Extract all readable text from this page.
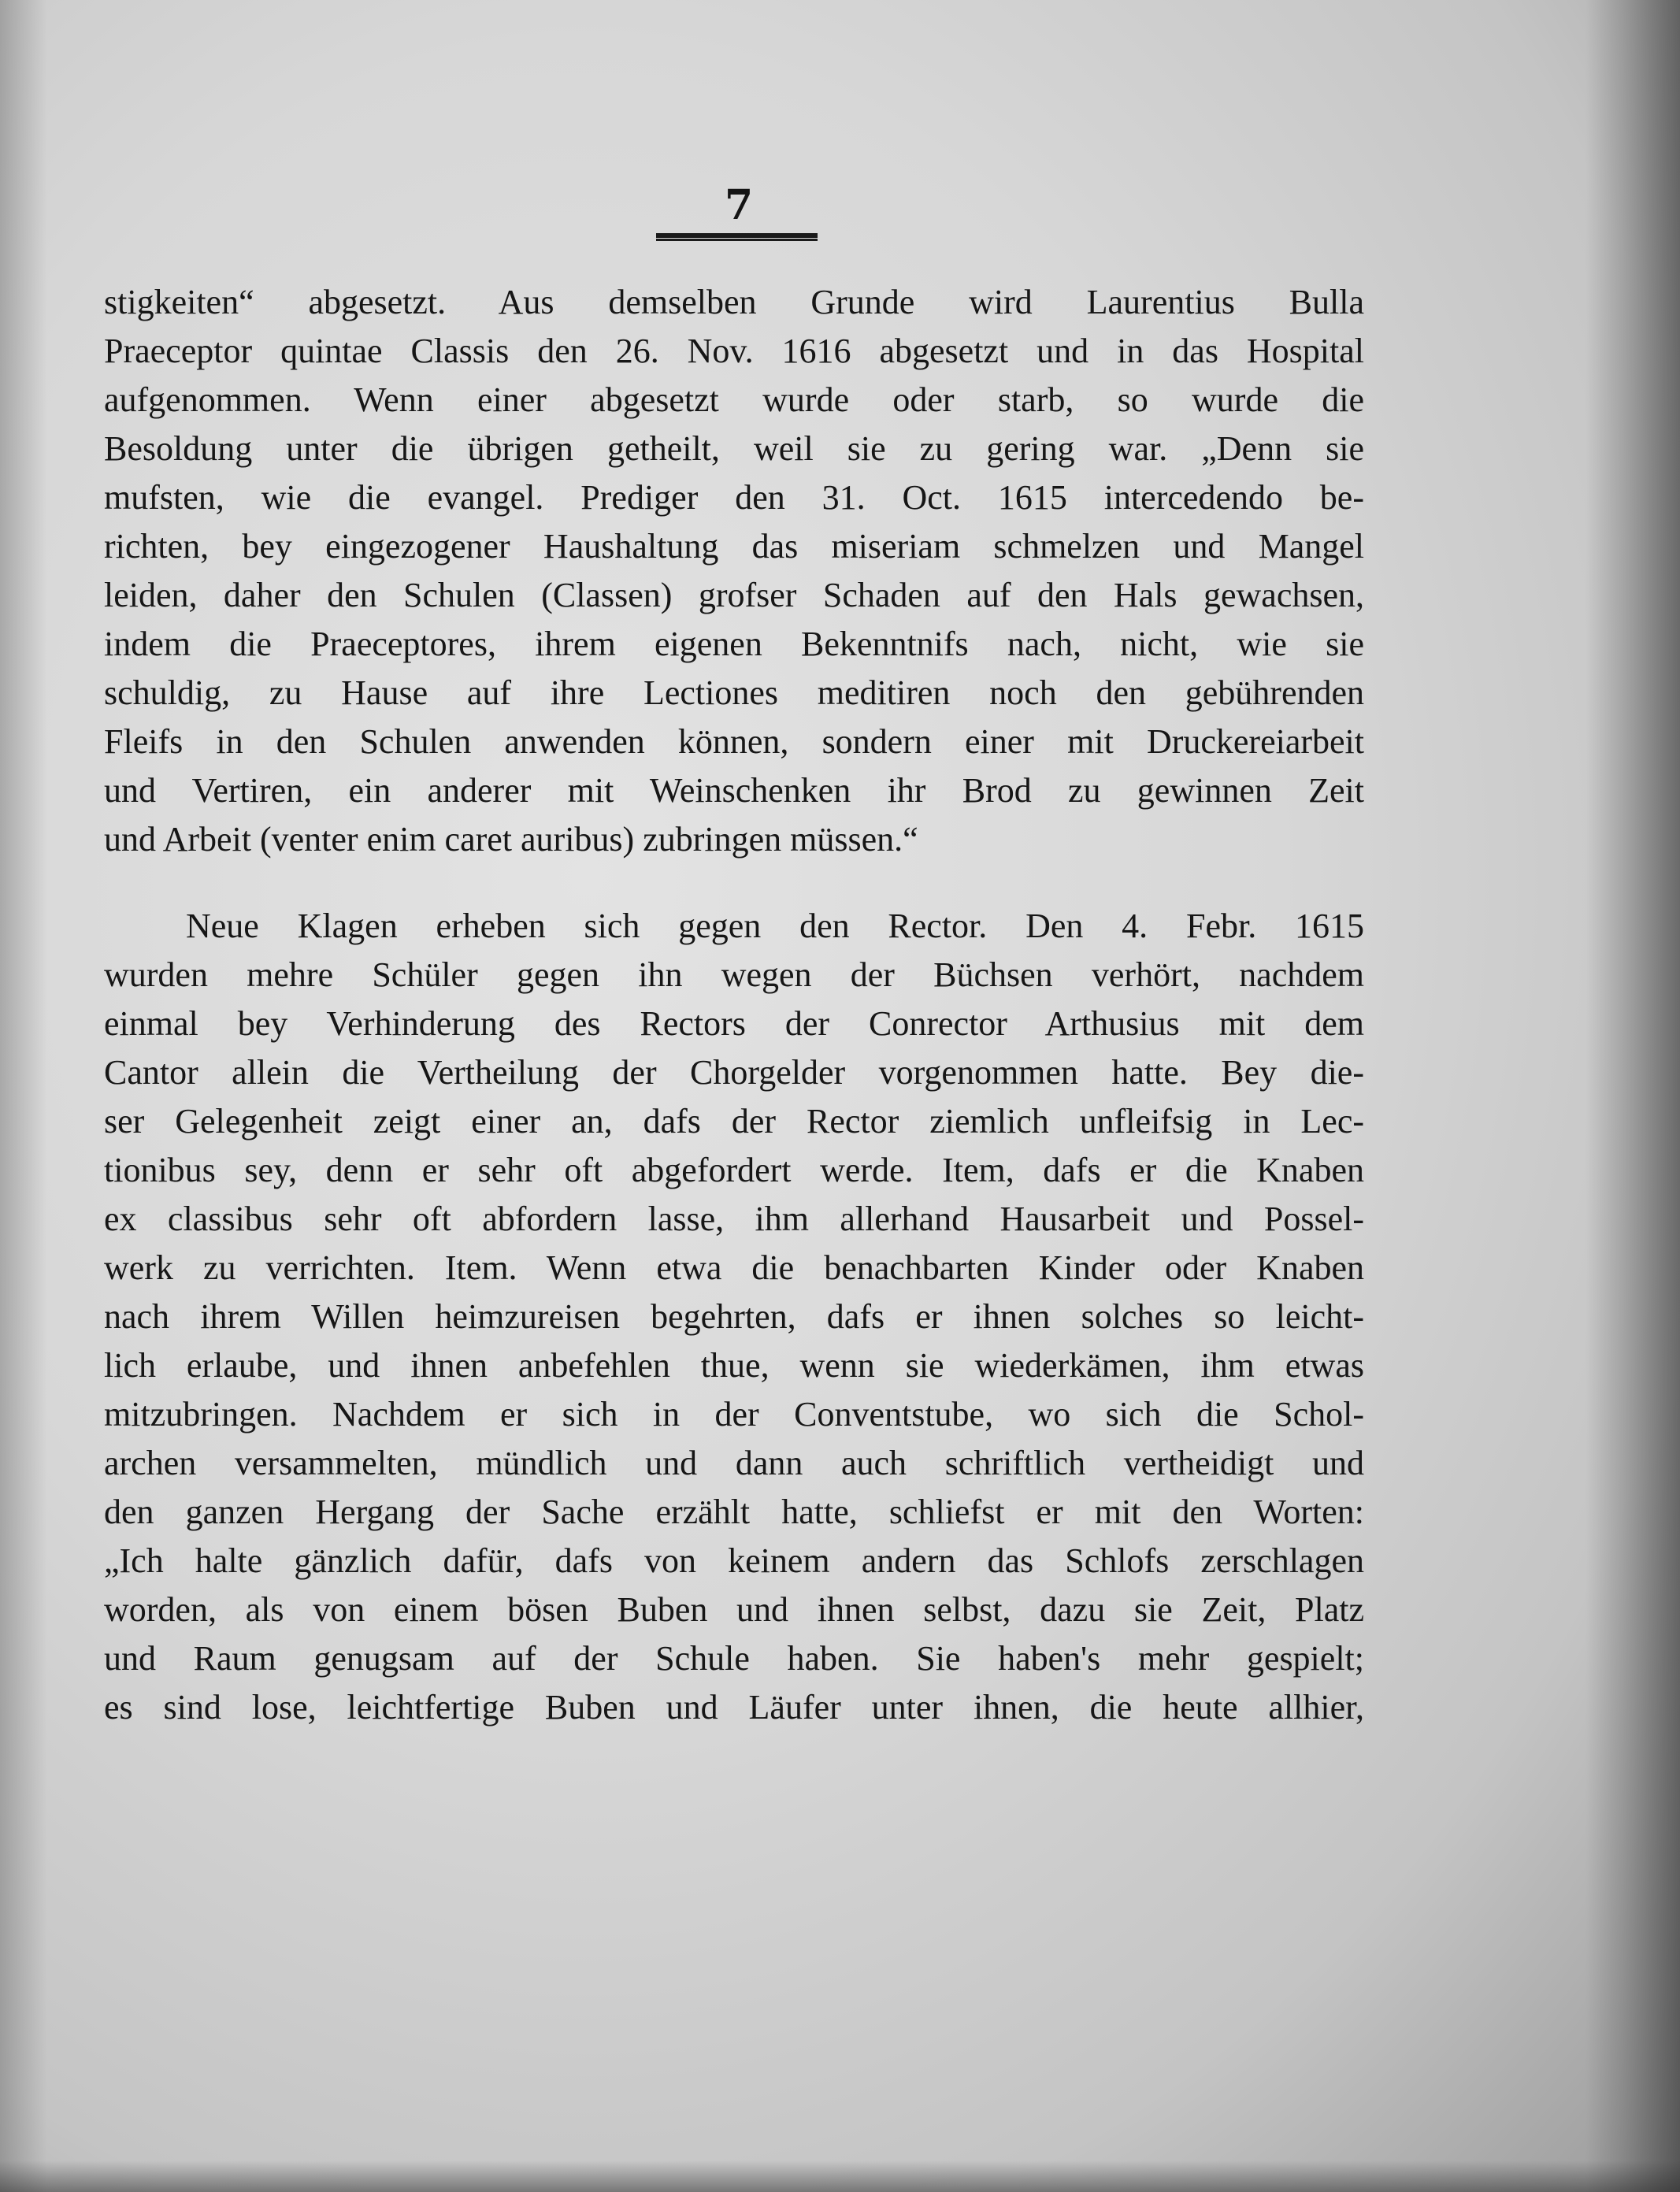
7
stigkeiten“ abgesetzt. Aus demselben Grunde wird Laurentius Bulla
Praeceptor quintae Classis den 26. Nov. 1616 abgesetzt und in das Hospital
aufgenommen. Wenn einer abgesetzt wurde oder starb, so wurde die
Besoldung unter die übrigen getheilt, weil sie zu gering war. „Denn sie
mufsten, wie die evangel. Prediger den 31. Oct. 1615 intercedendo be-
richten, bey eingezogener Haushaltung das miseriam schmelzen und Mangel
leiden, daher den Schulen (Classen) grofser Schaden auf den Hals gewachsen,
indem die Praeceptores, ihrem eigenen Bekenntnifs nach, nicht, wie sie
schuldig, zu Hause auf ihre Lectiones meditiren noch den gebührenden
Fleifs in den Schulen anwenden können, sondern einer mit Druckereiarbeit
und Vertiren, ein anderer mit Weinschenken ihr Brod zu gewinnen Zeit
und Arbeit (venter enim caret auribus) zubringen müssen.“
Neue Klagen erheben sich gegen den Rector. Den 4. Febr. 1615
wurden mehre Schüler gegen ihn wegen der Büchsen verhört, nachdem
einmal bey Verhinderung des Rectors der Conrector Arthusius mit dem
Cantor allein die Vertheilung der Chorgelder vorgenommen hatte. Bey die-
ser Gelegenheit zeigt einer an, dafs der Rector ziemlich unfleifsig in Lec-
tionibus sey, denn er sehr oft abgefordert werde. Item, dafs er die Knaben
ex classibus sehr oft abfordern lasse, ihm allerhand Hausarbeit und Possel-
werk zu verrichten. Item. Wenn etwa die benachbarten Kinder oder Knaben
nach ihrem Willen heimzureisen begehrten, dafs er ihnen solches so leicht-
lich erlaube, und ihnen anbefehlen thue, wenn sie wiederkämen, ihm etwas
mitzubringen. Nachdem er sich in der Conventstube, wo sich die Schol-
archen versammelten, mündlich und dann auch schriftlich vertheidigt und
den ganzen Hergang der Sache erzählt hatte, schliefst er mit den Worten:
„Ich halte gänzlich dafür, dafs von keinem andern das Schlofs zerschlagen
worden, als von einem bösen Buben und ihnen selbst, dazu sie Zeit, Platz
und Raum genugsam auf der Schule haben. Sie haben's mehr gespielt;
es sind lose, leichtfertige Buben und Läufer unter ihnen, die heute allhier,
